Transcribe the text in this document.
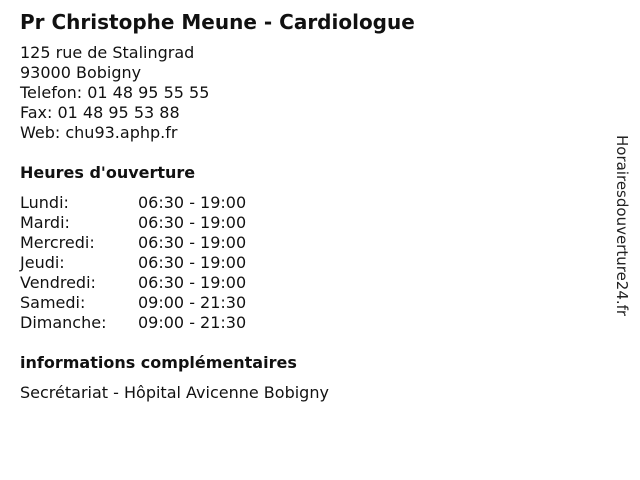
Pr Christophe Meune - Cardiologue
125 rue de Stalingrad
93000 Bobigny
Telefon: 01 48 95 55 55
Fax: 01 48 95 53 88
Web: chu93.aphp.fr
Heures d'ouverture
Lundi:	06:30 - 19:00
Mardi:	06:30 - 19:00
Mercredi:	06:30 - 19:00
Jeudi:	06:30 - 19:00
Vendredi:	06:30 - 19:00
Samedi:	09:00 - 21:30
Dimanche: 09:00 - 21:30
informations complémentaires
Secrétariat - Hôpital Avicenne Bobigny
Horairesdouverture24.fr
